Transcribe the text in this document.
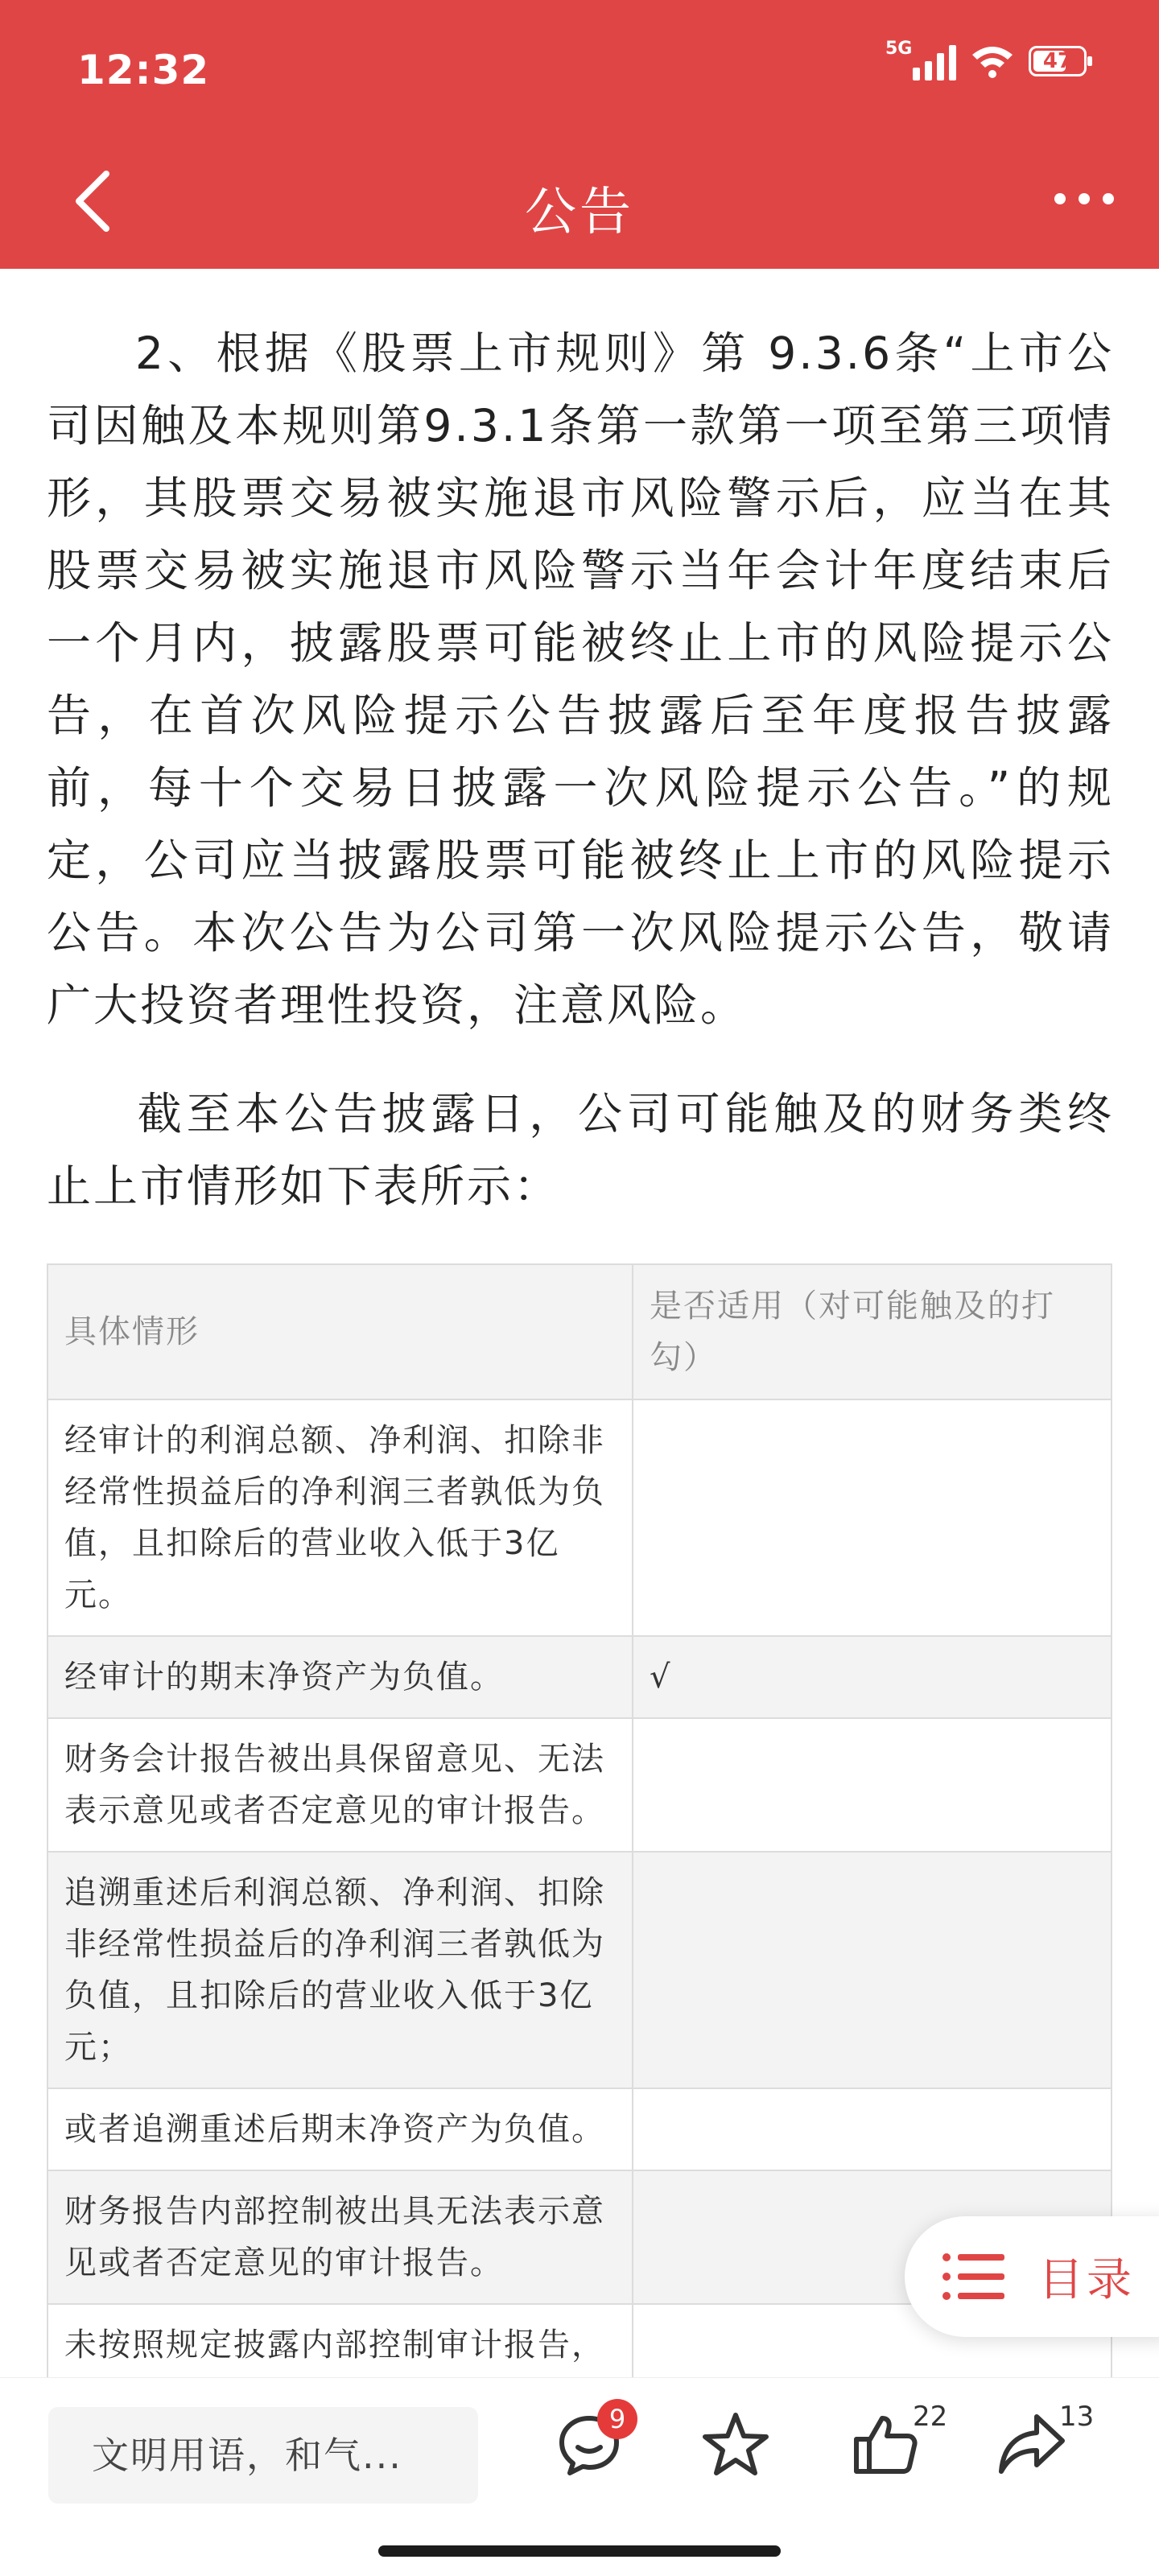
12:32	5G
47
公告
2、根据《股票上市规则》第 9.3.6条“上市公司因触及本规则第9.3.1条第一款第一项至第三项情形，其股票交易被实施退市风险警示后，应当在其股票交易被实施退市风险警示当年会计年度结束后一个月内，披露股票可能被终止上市的风险提示公告，在首次风险提示公告披露后至年度报告披露前，每十个交易日披露一次风险提示公告。”的规定，公司应当披露股票可能被终止上市的风险提示公告。本次公告为公司第一次风险提示公告，敬请广大投资者理性投资，注意风险。
截至本公告披露日，公司可能触及的财务类终止上市情形如下表所示：
具体情形	是否适用（对可能触及的打勾）
经审计的利润总额、净利润、扣除非经常性损益后的净利润三者孰低为负值，且扣除后的营业收入低于3亿元。	
经审计的期末净资产为负值。	√
财务会计报告被出具保留意见、无法表示意见或者否定意见的审计报告。	
追溯重述后利润总额、净利润、扣除非经常性损益后的净利润三者孰低为负值，且扣除后的营业收入低于3亿元；	
或者追溯重述后期末净资产为负值。	
财务报告内部控制被出具无法表示意见或者否定意见的审计报告。	
未按照规定披露内部控制审计报告，	
目录
文明用语，和气...
9	22	13
